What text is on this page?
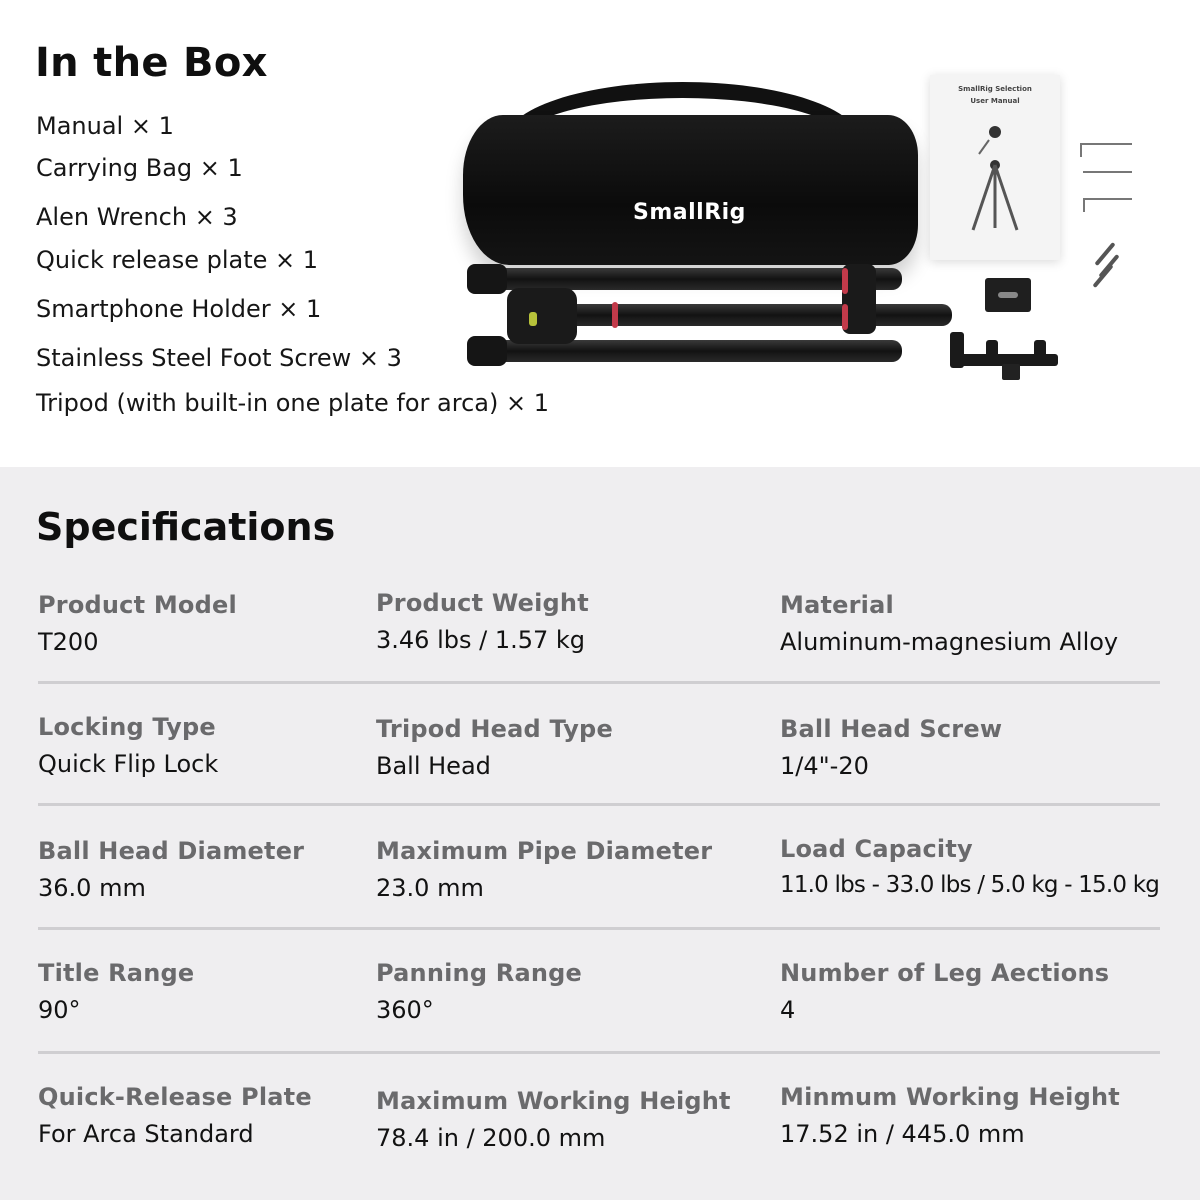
In the Box
Manual × 1
Carrying Bag × 1
Alen Wrench × 3
Quick release plate × 1
Smartphone Holder × 1
Stainless Steel Foot Screw × 3
Tripod (with built-in one plate for arca) × 1
SmallRig
SmallRig Selection
User Manual
Specifications
Product Model
T200
Product Weight
3.46 lbs / 1.57 kg
Material
Aluminum-magnesium Alloy
Locking Type
Quick Flip Lock
Tripod Head Type
Ball Head
Ball Head Screw
1/4"-20
Ball Head Diameter
36.0 mm
Maximum Pipe Diameter
23.0 mm
Load Capacity
11.0 lbs - 33.0 lbs / 5.0 kg - 15.0 kg
Title Range
90°
Panning Range
360°
Number of Leg Aections
4
Quick-Release Plate
For Arca Standard
Maximum Working Height
78.4 in / 200.0 mm
Minmum Working Height
17.52 in / 445.0 mm
